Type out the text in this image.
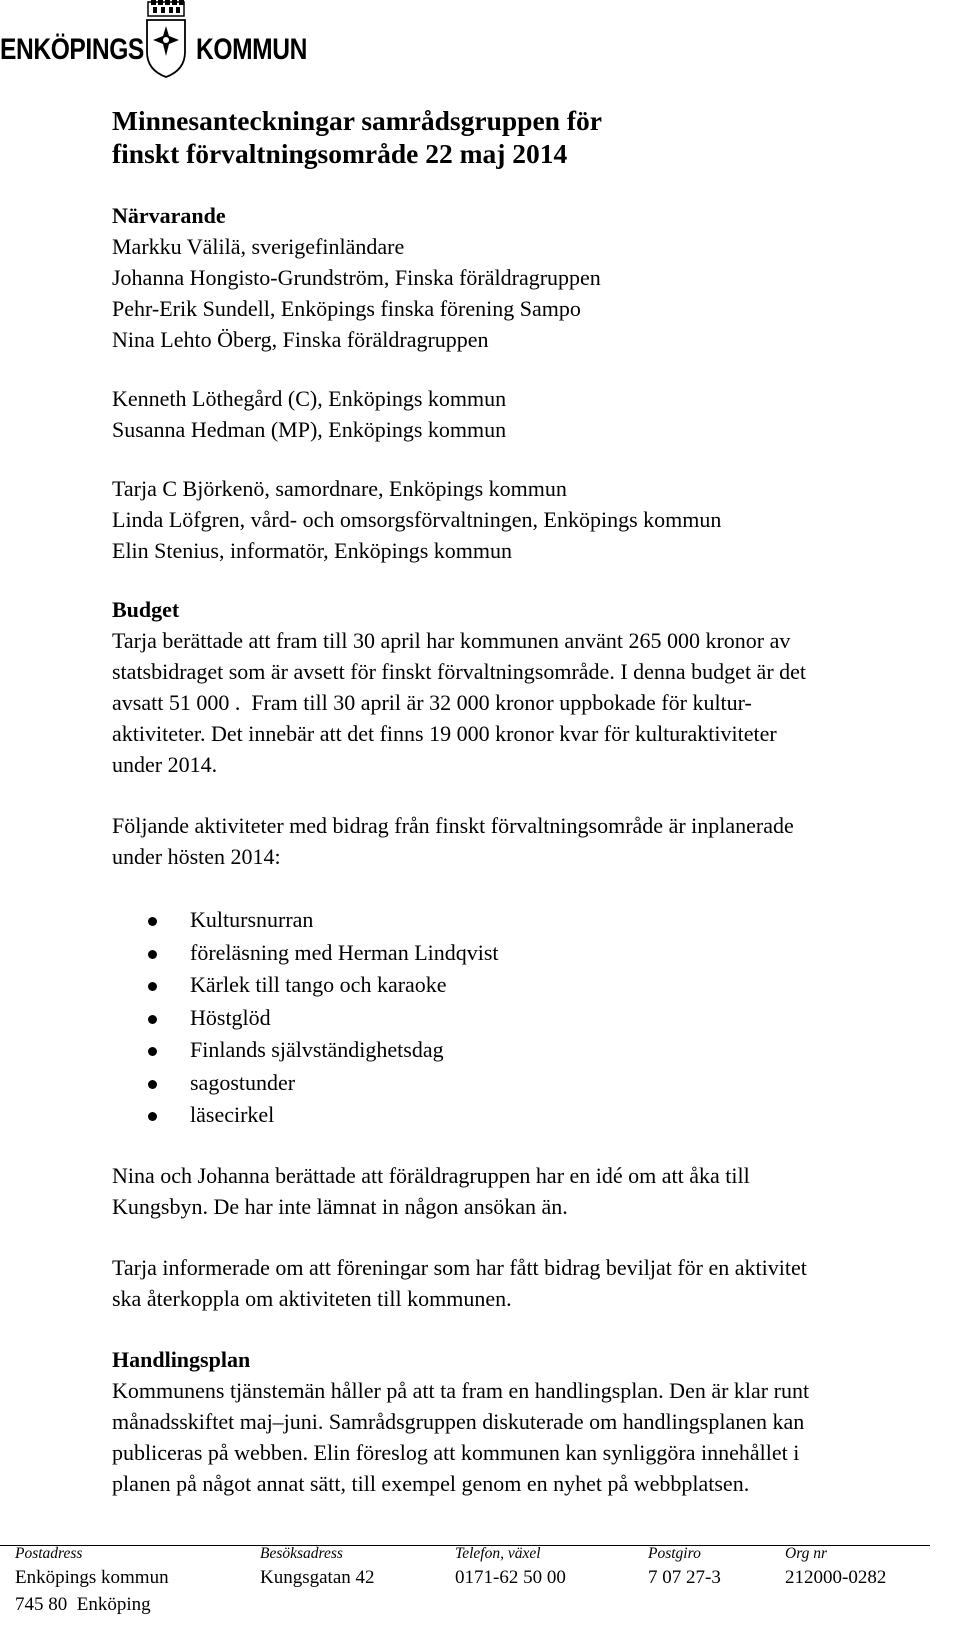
ENKÖPINGS KOMMUN
Minnesanteckningar samrådsgruppen för
finskt förvaltningsområde 22 maj 2014
Närvarande
Markku Välilä, sverigefinländare
Johanna Hongisto-Grundström, Finska föräldragruppen
Pehr-Erik Sundell, Enköpings finska förening Sampo
Nina Lehto Öberg, Finska föräldragruppen
Kenneth Löthegård (C), Enköpings kommun
Susanna Hedman (MP), Enköpings kommun
Tarja C Björkenö, samordnare, Enköpings kommun
Linda Löfgren, vård- och omsorgsförvaltningen, Enköpings kommun
Elin Stenius, informatör, Enköpings kommun
Budget
Tarja berättade att fram till 30 april har kommunen använt 265 000 kronor av
statsbidraget som är avsett för finskt förvaltningsområde. I denna budget är det
avsatt 51 000 .  Fram till 30 april är 32 000 kronor uppbokade för kultur-
aktiviteter. Det innebär att det finns 19 000 kronor kvar för kulturaktiviteter
under 2014.
Följande aktiviteter med bidrag från finskt förvaltningsområde är inplanerade
under hösten 2014:
Kultursnurran
föreläsning med Herman Lindqvist
Kärlek till tango och karaoke
Höstglöd
Finlands självständighetsdag
sagostunder
läsecirkel
Nina och Johanna berättade att föräldragruppen har en idé om att åka till
Kungsbyn. De har inte lämnat in någon ansökan än.
Tarja informerade om att föreningar som har fått bidrag beviljat för en aktivitet
ska återkoppla om aktiviteten till kommunen.
Handlingsplan
Kommunens tjänstemän håller på att ta fram en handlingsplan. Den är klar runt
månadsskiftet maj–juni. Samrådsgruppen diskuterade om handlingsplanen kan
publiceras på webben. Elin föreslog att kommunen kan synliggöra innehållet i
planen på något annat sätt, till exempel genom en nyhet på webbplatsen.
Postadress
Enköpings kommun
745 80  Enköping
Besöksadress
Kungsgatan 42
Telefon, växel
0171-62 50 00
Postgiro
7 07 27-3
Org nr
212000-0282
